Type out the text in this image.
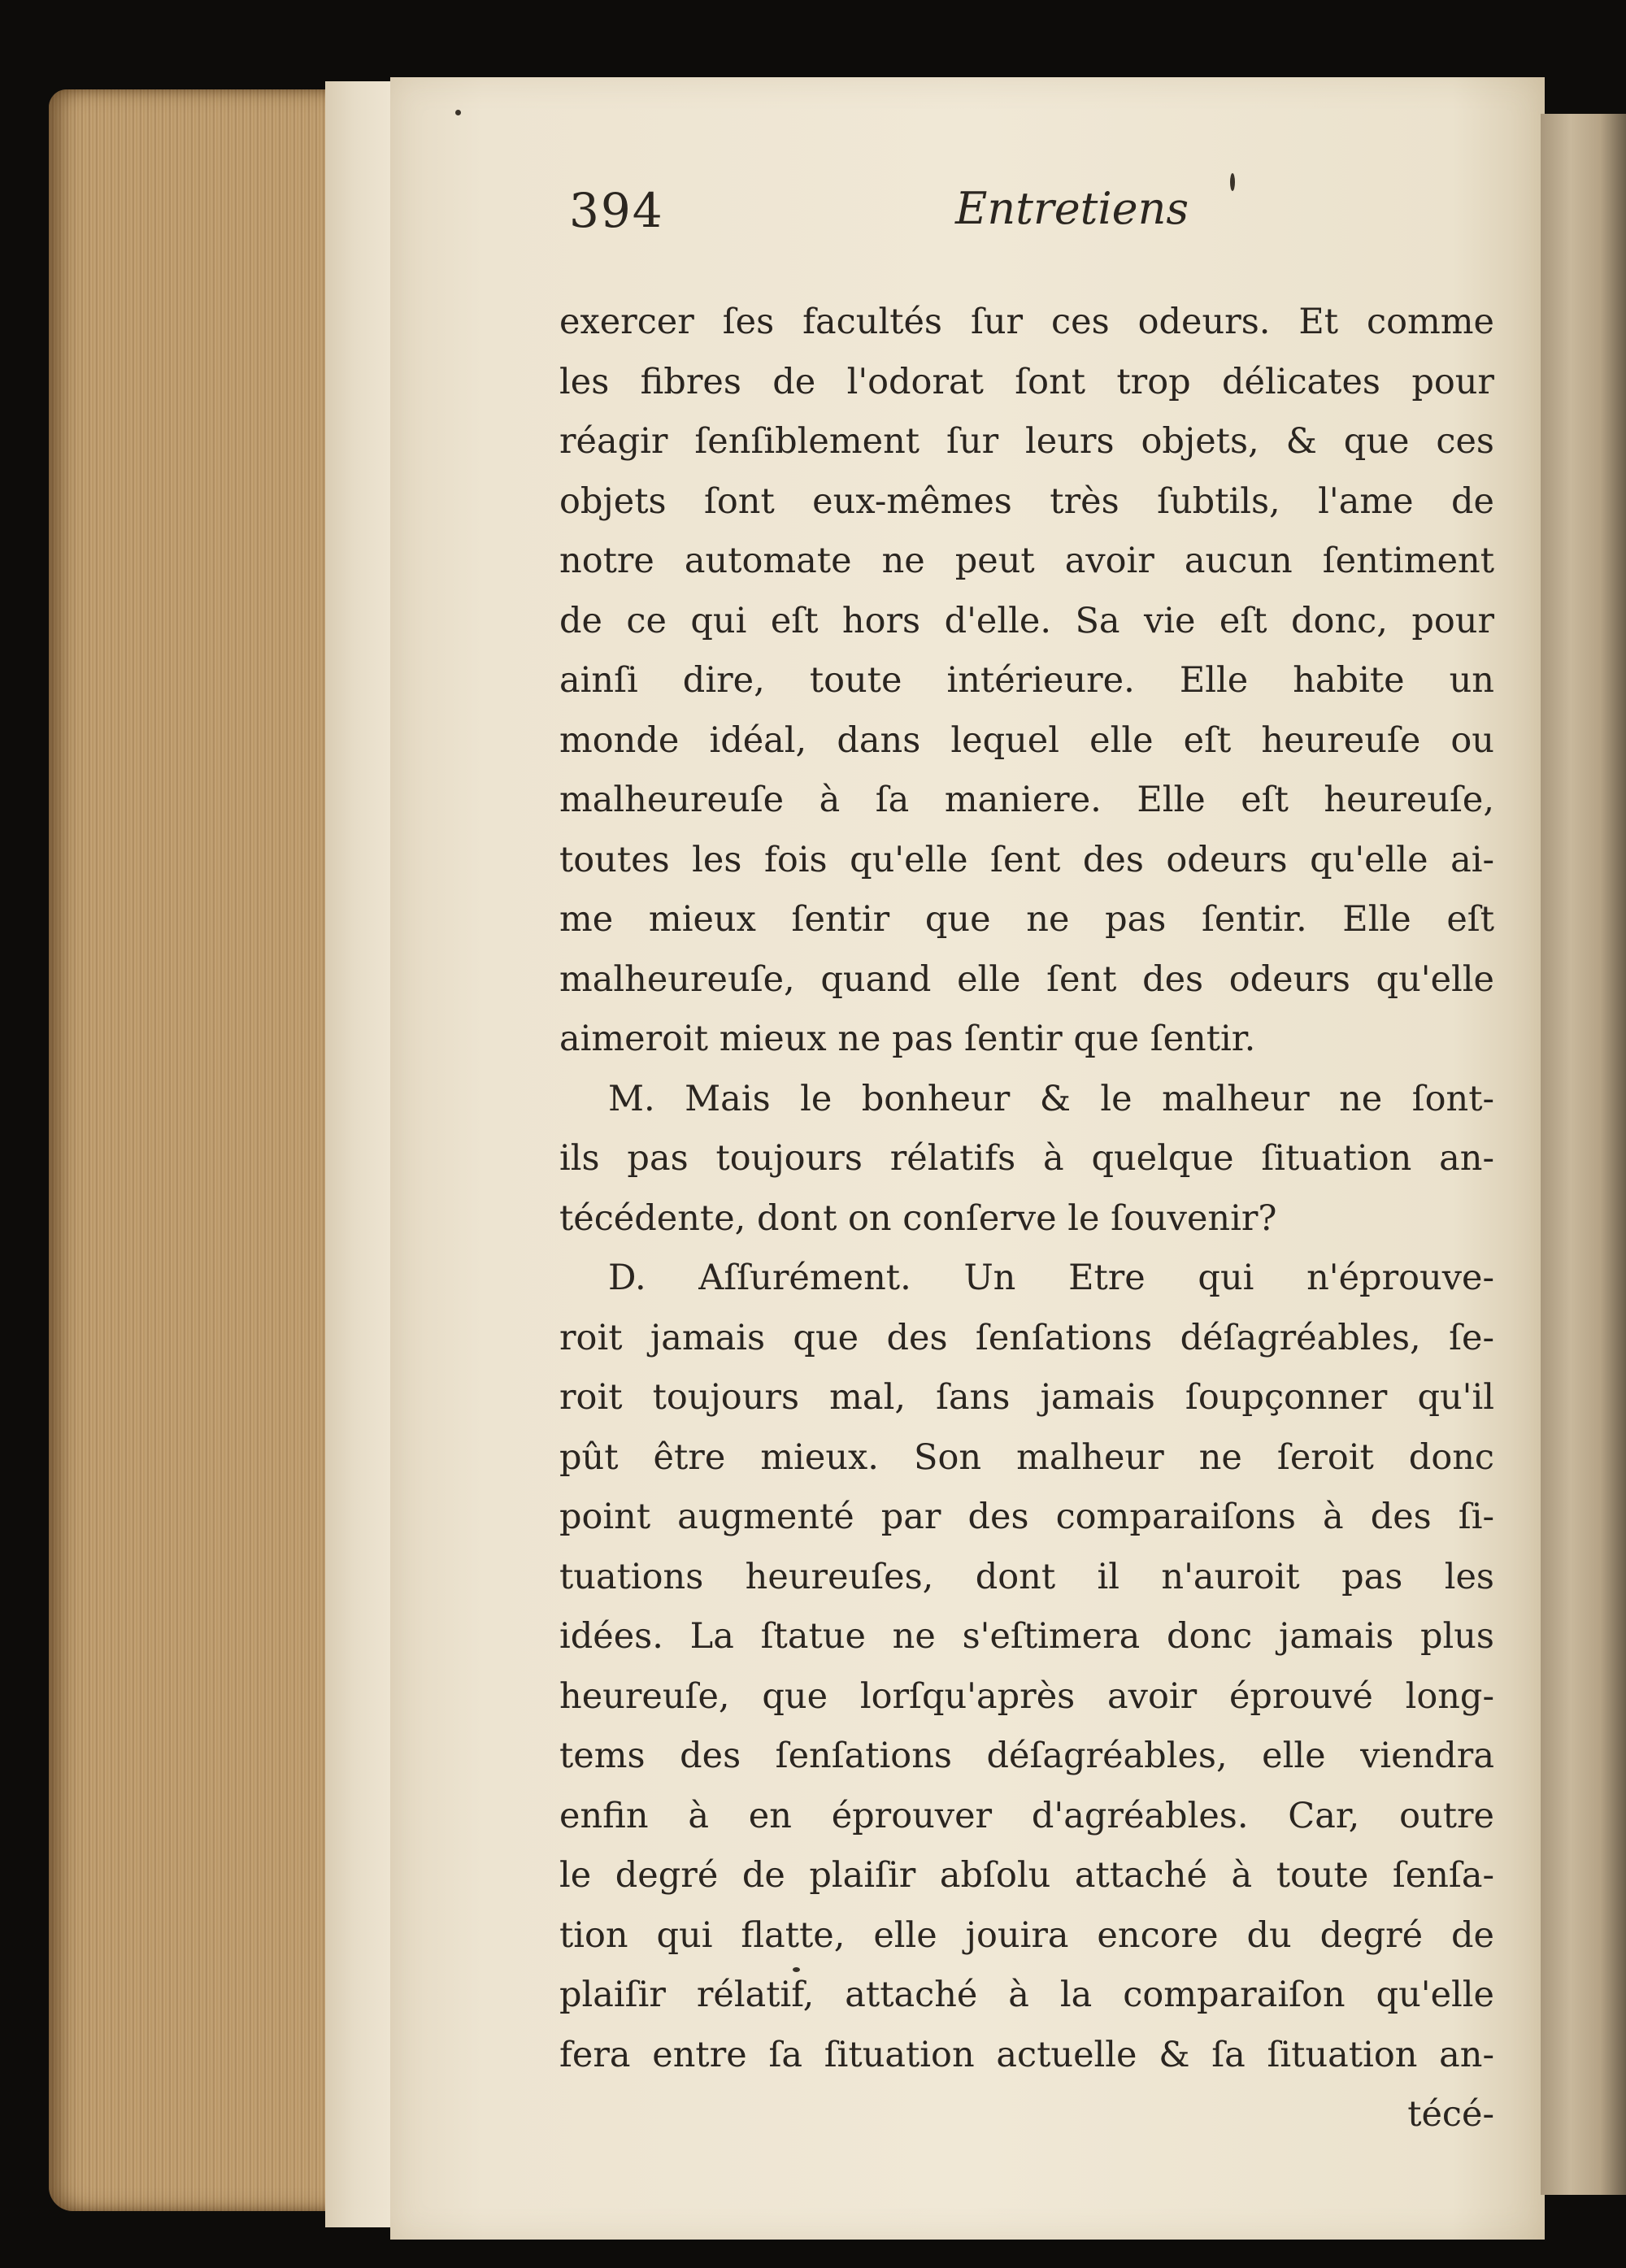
394	Entretiens
exercer ſes facultés ſur ces odeurs. Et comme
les fibres de l'odorat ſont trop délicates pour
réagir ſenſiblement ſur leurs objets, & que ces
objets ſont eux-mêmes très ſubtils, l'ame de
notre automate ne peut avoir aucun ſentiment
de ce qui eſt hors d'elle. Sa vie eſt donc, pour
ainſi dire, toute intérieure. Elle habite un
monde idéal, dans lequel elle eſt heureuſe ou
malheureuſe à ſa maniere. Elle eſt heureuſe,
toutes les fois qu'elle ſent des odeurs qu'elle ai-
me mieux ſentir que ne pas ſentir. Elle eſt
malheureuſe, quand elle ſent des odeurs qu'elle
aimeroit mieux ne pas ſentir que ſentir.
M. Mais le bonheur & le malheur ne ſont-
ils pas toujours rélatifs à quelque ſituation an-
técédente, dont on conſerve le ſouvenir?
D. Aſſurément. Un Etre qui n'éprouve-
roit jamais que des ſenſations déſagréables, ſe-
roit toujours mal, ſans jamais ſoupçonner qu'il
pût être mieux. Son malheur ne ſeroit donc
point augmenté par des comparaiſons à des ſi-
tuations heureuſes, dont il n'auroit pas les
idées. La ſtatue ne s'eſtimera donc jamais plus
heureuſe, que lorſqu'après avoir éprouvé long-
tems des ſenſations déſagréables, elle viendra
enfin à en éprouver d'agréables. Car, outre
le degré de plaiſir abſolu attaché à toute ſenſa-
tion qui flatte, elle jouira encore du degré de
plaiſir rélatif, attaché à la comparaiſon qu'elle
fera entre ſa ſituation actuelle & ſa ſituation an-
técé-
